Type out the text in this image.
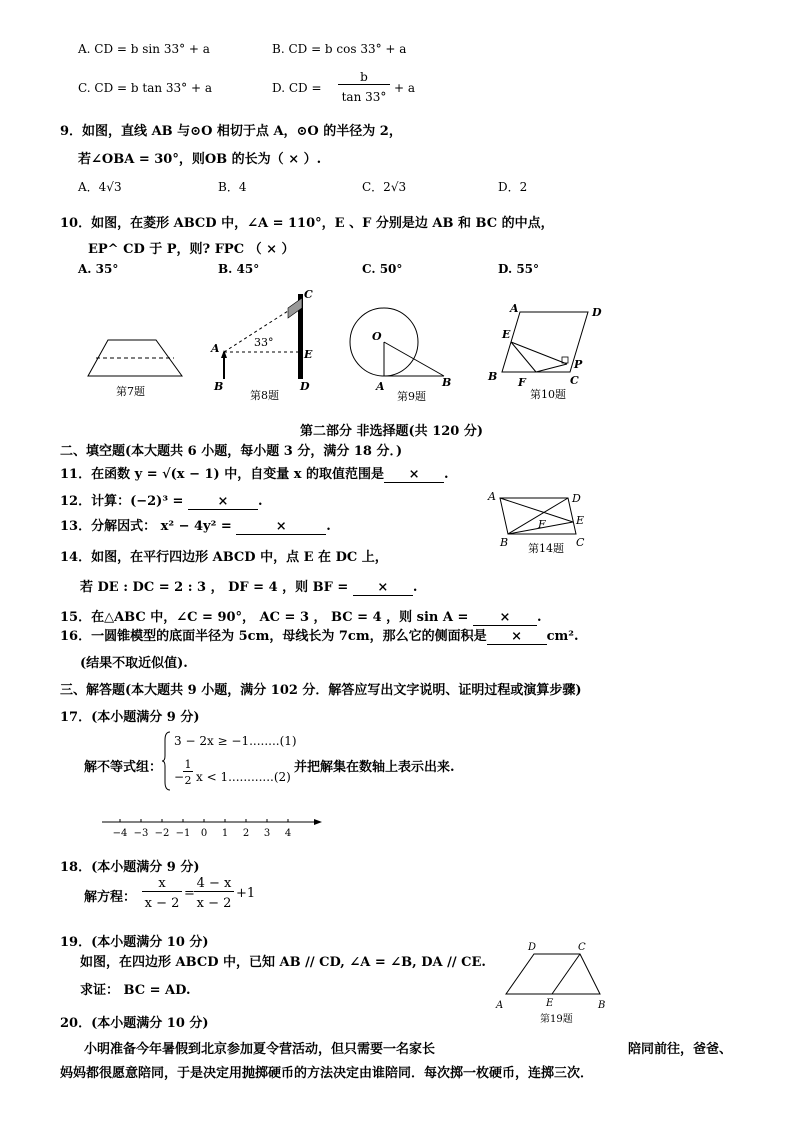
A. CD = b sin 33° + a	B. CD = b cos 33° + a
C. CD = b tan 33° + a	D. CD =
b
tan 33°
+ a
9．如图，直线 AB 与⊙O 相切于点 A，⊙O 的半径为 2，
若∠OBA = 30°，则OB 的长为（ × ）.
A．4√3	B．4	C．2√3	D．2
10．如图，在菱形 ABCD 中，∠A = 110°，E 、F 分别是边 AB 和 BC 的中点，
EP^ CD 于 P，则? FPC （ × ）
A. 35°	B. 45°	C. 50°	D. 55°
第7题
C
A	E
B	D
33°
第8题
O
A	B
第9题
A	D
E
P
B F	C
第10题
第二部分 非选择题(共 120 分)
二、填空题(本大题共 6 小题，每小题 3 分，满分 18 分．)
11．在函数 y = √(x − 1) 中，自变量 x 的取值范围是 × .
12．计算：(−2)³ =	× .
13．分解因式： x² − 4y² =	×	.
14．如图，在平行四边形 ABCD 中，点 E 在 DC 上，
若 DE : DC = 2 : 3 ， DF = 4 ，则 BF = × .
15．在△ABC 中，∠C = 90°， AC = 3 ， BC = 4 ，则 sin A = × .
16．一圆锥模型的底面半径为 5cm，母线长为 7cm，那么它的侧面积是 × cm².
(结果不取近似值).
A	D
E
F
B	C
第14题
三、解答题(本大题共 9 小题，满分 102 分．解答应写出文字说明、证明过程或演算步骤)
17．(本小题满分 9 分)
解不等式组：
3 − 2x ≥ −1........(1)
−
1
2 x < 1............(2)
并把解集在数轴上表示出来.
−4 −3 −2 −1 0 1 2 3 4
18．(本小题满分 9 分)
解方程：
x
x − 2
=
4 − x
x − 2
+1
19．(本小题满分 10 分)
如图，在四边形 ABCD 中，已知 AB // CD, ∠A = ∠B, DA // CE.
求证： BC = AD.
D	C
A	E	B
第19题
20．(本小题满分 10 分)
小明准备今年暑假到北京参加夏令营活动，但只需要一名家长	陪同前往，爸爸、
妈妈都很愿意陪同，于是决定用抛掷硬币的方法决定由谁陪同．每次掷一枚硬币，连掷三次．
